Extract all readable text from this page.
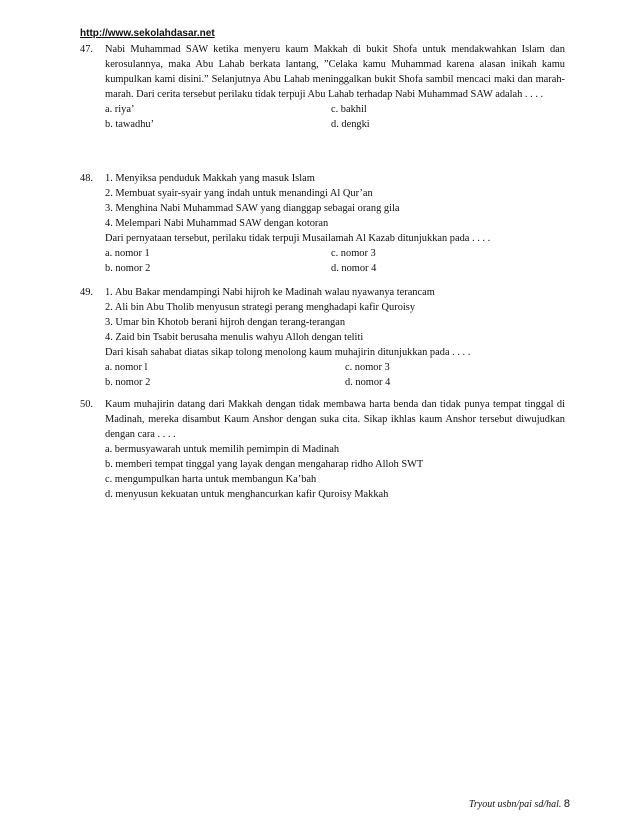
http://www.sekolahdasar.net
47.	Nabi Muhammad SAW ketika menyeru kaum Makkah di bukit Shofa untuk mendakwahkan Islam dan kerosulannya, maka Abu Lahab berkata lantang, ”Celaka kamu Muhammad karena alasan inikah kamu kumpulkan kami disini.” Selanjutnya Abu Lahab meninggalkan bukit Shofa sambil mencaci maki dan marah-marah. Dari cerita tersebut perilaku tidak terpuji Abu Lahab terhadap Nabi Muhammad SAW adalah . . . .
a. riya’	c. bakhil
b. tawadhu’	d. dengki
48.	1. Menyiksa penduduk Makkah yang masuk Islam
2. Membuat syair-syair yang indah untuk menandingi Al Qur’an
3. Menghina Nabi Muhammad SAW yang dianggap sebagai orang gila
4. Melempari Nabi Muhammad SAW dengan kotoran
Dari pernyataan tersebut, perilaku tidak terpuji Musailamah Al Kazab ditunjukkan pada . . . .
a. nomor 1	c. nomor 3
b. nomor 2	d. nomor 4
49.	1. Abu Bakar mendampingi Nabi hijroh ke Madinah walau nyawanya terancam
2. Ali bin Abu Tholib menyusun strategi perang menghadapi kafir Quroisy
3. Umar bin Khotob berani hijroh dengan terang-terangan
4. Zaid bin Tsabit berusaha menulis wahyu Alloh dengan teliti
Dari kisah sahabat diatas sikap tolong menolong kaum muhajirin ditunjukkan pada . . . .
a. nomor l	c. nomor 3
b. nomor 2	d. nomor 4
50.	Kaum muhajirin datang dari Makkah dengan tidak membawa harta benda dan tidak punya tempat tinggal di Madinah, mereka disambut Kaum Anshor dengan suka cita. Sikap ikhlas kaum Anshor tersebut diwujudkan dengan cara . . . .
a. bermusyawarah untuk memilih pemimpin di Madinah
b. memberi tempat tinggal yang layak dengan mengaharap ridho Alloh SWT
c. mengumpulkan harta untuk membangun Ka’bah
d. menyusun kekuatan untuk menghancurkan kafir Quroisy Makkah
Tryout usbn/pai sd/hal. 8
